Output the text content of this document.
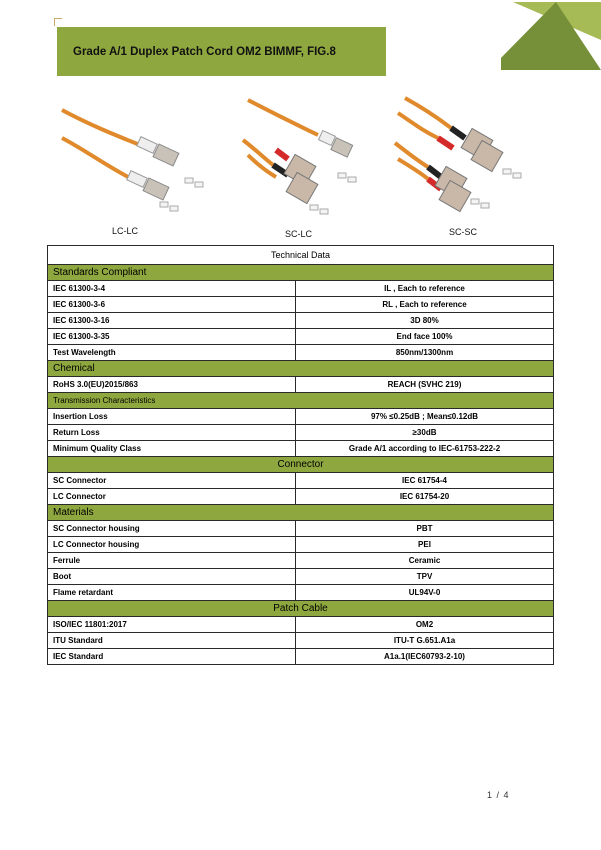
Grade A/1 Duplex Patch Cord OM2 BIMMF, FIG.8
LC-LC	SC-LC	SC-SC
Technical Data	
Standards Compliant	
IEC 61300-3-4	IL , Each to reference
IEC 61300-3-6	RL , Each to reference
IEC 61300-3-16	3D 80%
IEC 61300-3-35	End face 100%
Test Wavelength	850nm/1300nm
Chemical	
RoHS 3.0(EU)2015/863	REACH (SVHC 219)
Transmission Characteristics	
Insertion Loss	97% ≤0.25dB ; Mean≤0.12dB
Return Loss	≥30dB
Minimum Quality Class	Grade A/1 according to IEC-61753-222-2
Connector	
SC Connector	IEC 61754-4
LC Connector	IEC 61754-20
Materials	
SC Connector housing	PBT
LC Connector housing	PEI
Ferrule	Ceramic
Boot	TPV
Flame retardant	UL94V-0
Patch Cable	
ISO/IEC 11801:2017	OM2
ITU Standard	ITU-T G.651.A1a
IEC Standard	A1a.1(IEC60793-2-10)
1 / 4
